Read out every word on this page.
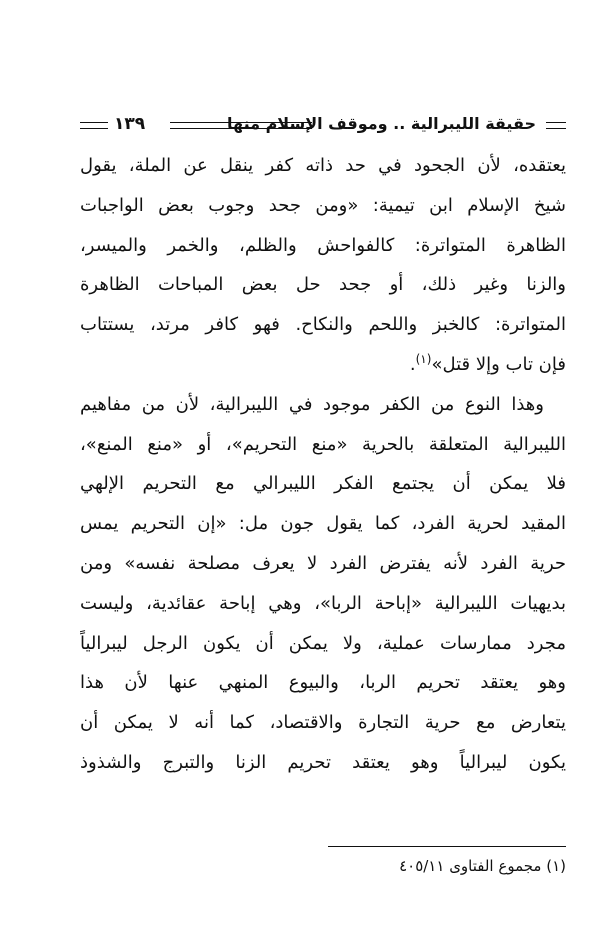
حقيقة الليبرالية .. وموقف الإسلام منها
١٣٩
يعتقده، لأن الجحود في حد ذاته كفر ينقل عن الملة، يقول
شيخ الإسلام ابن تيمية: «ومن جحد وجوب بعض الواجبات
الظاهرة المتواترة: كالفواحش والظلم، والخمر والميسر،
والزنا وغير ذلك، أو جحد حل بعض المباحات الظاهرة
المتواترة: كالخبز واللحم والنكاح. فهو كافر مرتد، يستتاب
فإن تاب وإلا قتل»$^{(١)}$.
وهذا النوع من الكفر موجود في الليبرالية، لأن من مفاهيم
الليبرالية المتعلقة بالحرية «منع التحريم»، أو «منع المنع»،
فلا يمكن أن يجتمع الفكر الليبرالي مع التحريم الإلهي
المقيد لحرية الفرد، كما يقول جون مل: «إن التحريم يمس
حرية الفرد لأنه يفترض الفرد لا يعرف مصلحة نفسه» ومن
بديهيات الليبرالية «إباحة الربا»، وهي إباحة عقائدية، وليست
مجرد ممارسات عملية، ولا يمكن أن يكون الرجل ليبرالياً
وهو يعتقد تحريم الربا، والبيوع المنهي عنها لأن هذا
يتعارض مع حرية التجارة والاقتصاد، كما أنه لا يمكن أن
يكون ليبرالياً وهو يعتقد تحريم الزنا والتبرج والشذوذ
(١) مجموع الفتاوى ٤٠٥/١١
